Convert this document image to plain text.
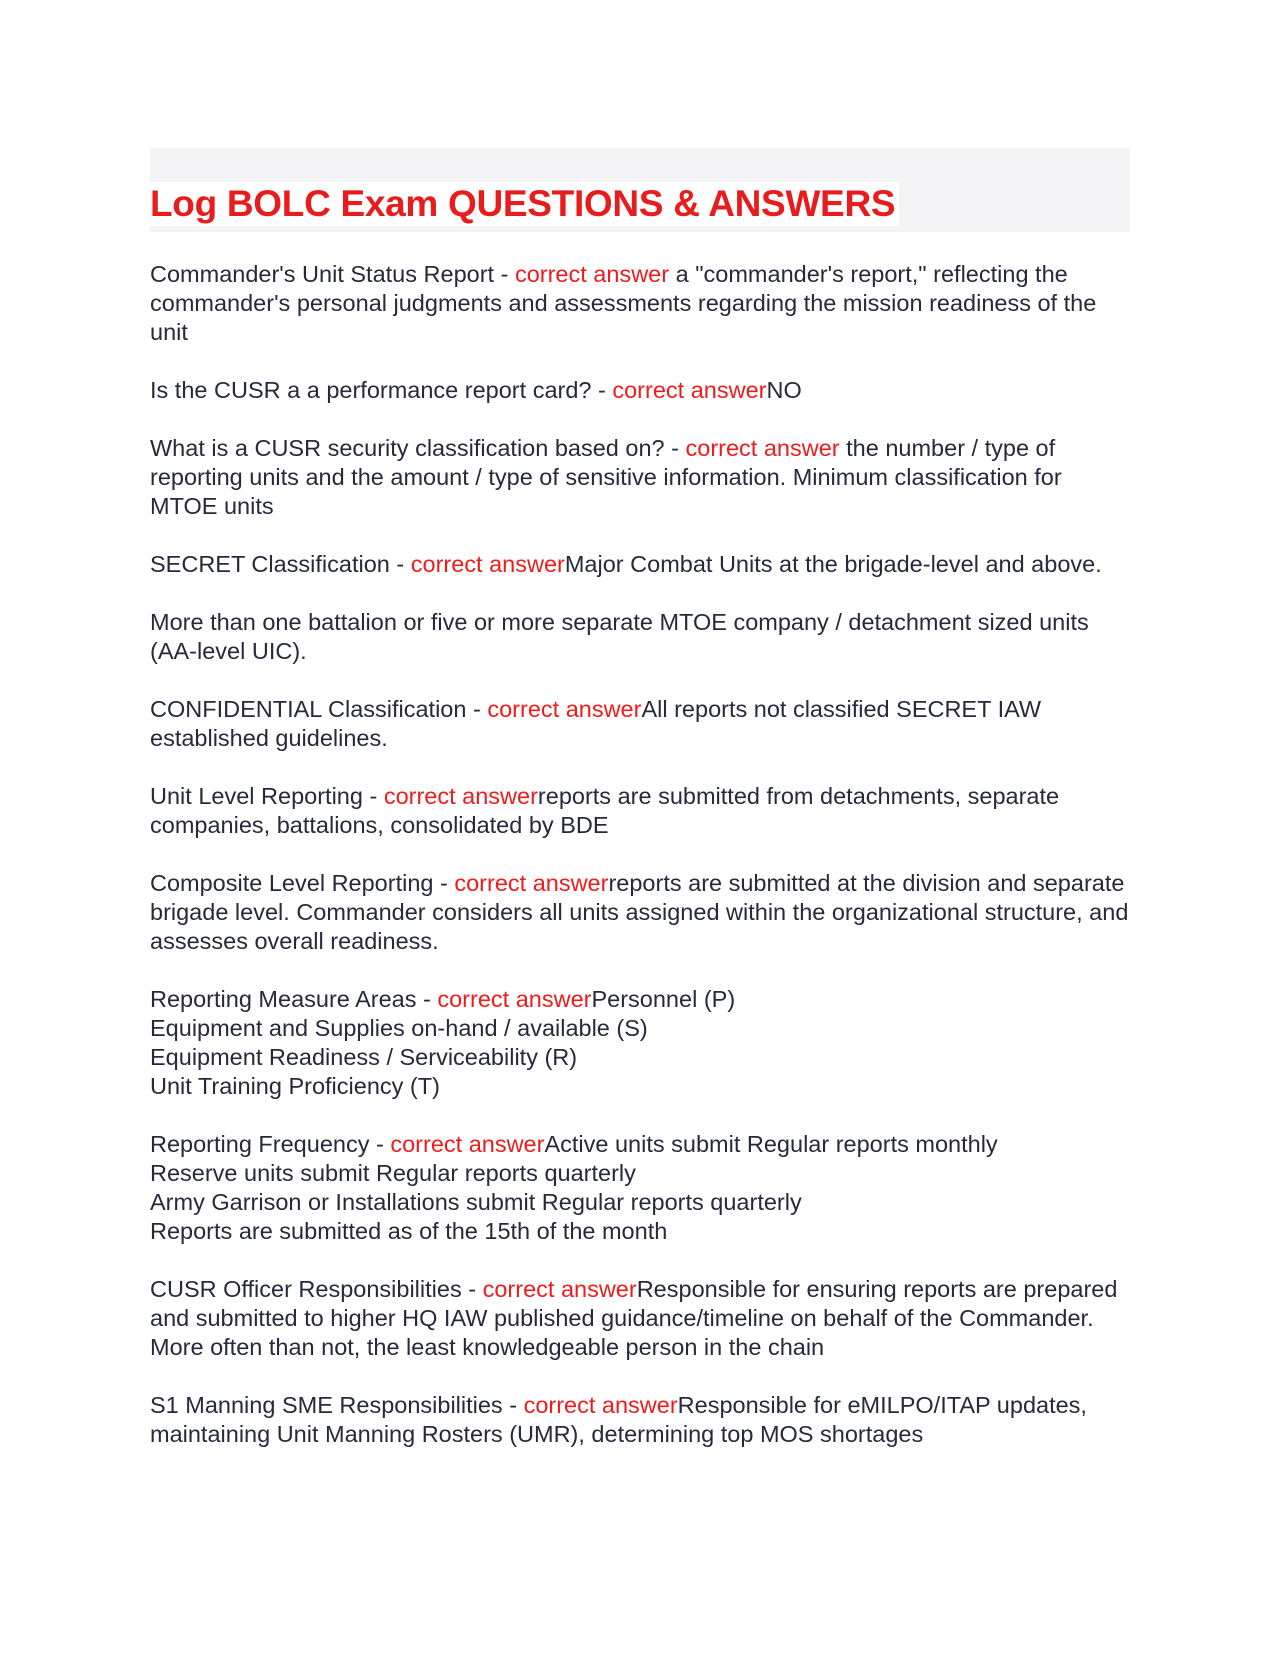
Log BOLC Exam QUESTIONS & ANSWERS

Commander's Unit Status Report - correct answer a "commander's report," reflecting the commander's personal judgments and assessments regarding the mission readiness of the unit

Is the CUSR a a performance report card? - correct answerNO

What is a CUSR security classification based on? - correct answer the number / type of reporting units and the amount / type of sensitive information. Minimum classification for MTOE units

SECRET Classification - correct answerMajor Combat Units at the brigade-level and above.

More than one battalion or five or more separate MTOE company / detachment sized units (AA-level UIC).

CONFIDENTIAL Classification - correct answerAll reports not classified SECRET IAW established guidelines.

Unit Level Reporting - correct answerreports are submitted from detachments, separate companies, battalions, consolidated by BDE

Composite Level Reporting - correct answerreports are submitted at the division and separate brigade level. Commander considers all units assigned within the organizational structure, and assesses overall readiness.

Reporting Measure Areas - correct answerPersonnel (P)
Equipment and Supplies on-hand / available (S)
Equipment Readiness / Serviceability (R)
Unit Training Proficiency (T)

Reporting Frequency - correct answerActive units submit Regular reports monthly
Reserve units submit Regular reports quarterly
Army Garrison or Installations submit Regular reports quarterly
Reports are submitted as of the 15th of the month

CUSR Officer Responsibilities - correct answerResponsible for ensuring reports are prepared and submitted to higher HQ IAW published guidance/timeline on behalf of the Commander.
More often than not, the least knowledgeable person in the chain

S1 Manning SME Responsibilities - correct answerResponsible for eMILPO/ITAP updates, maintaining Unit Manning Rosters (UMR), determining top MOS shortages
